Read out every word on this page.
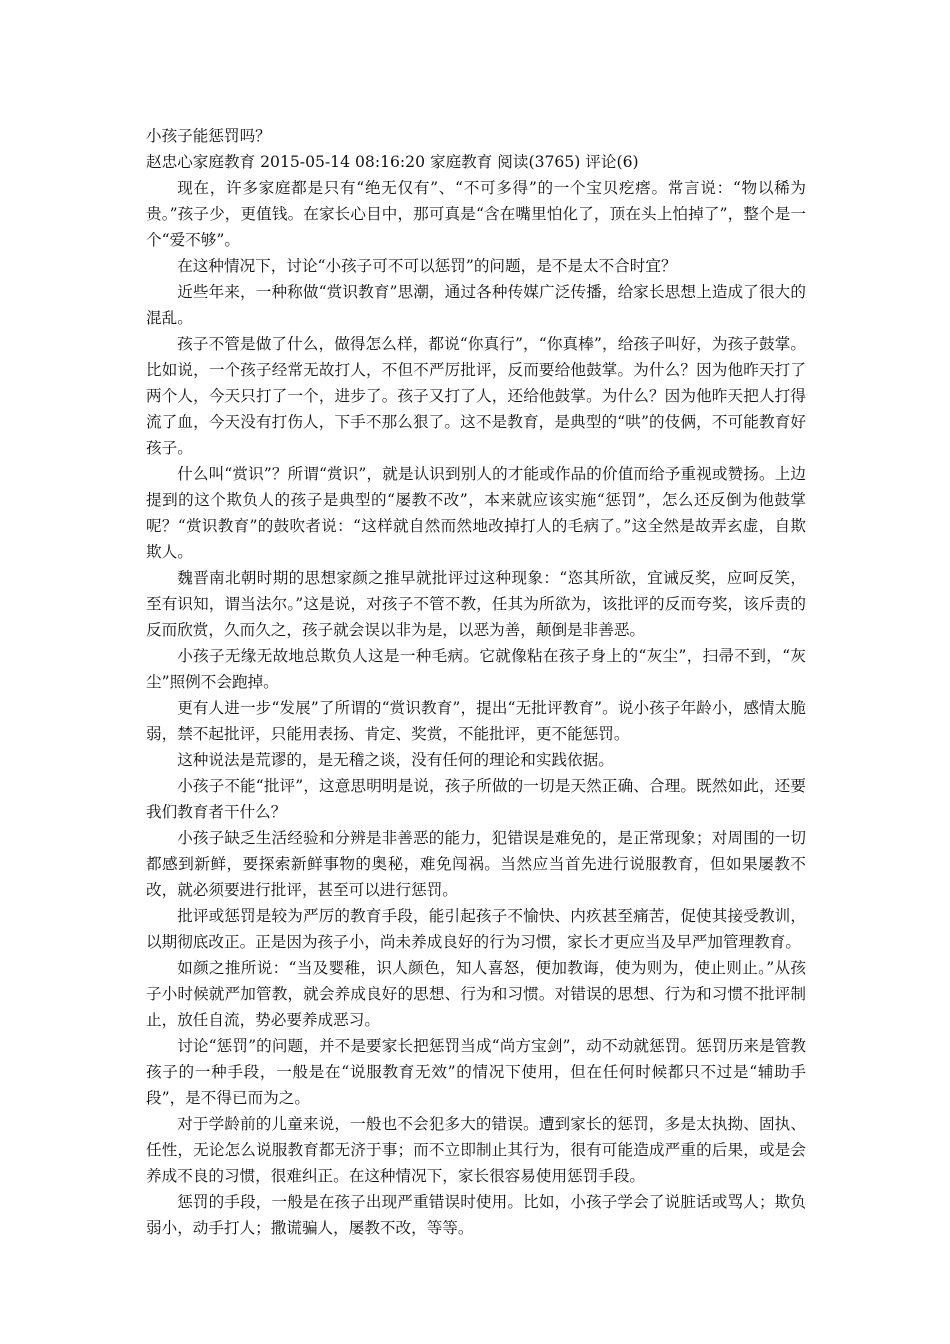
小孩子能惩罚吗？

赵忠心家庭教育 2015-05-14 08:16:20 家庭教育 阅读(3765) 评论(6)

现在，许多家庭都是只有“绝无仅有”、“不可多得”的一个宝贝疙瘩。常言说：“物以稀为贵。”孩子少，更值钱。在家长心目中，那可真是“含在嘴里怕化了，顶在头上怕掉了”，整个是一个“爱不够”。

在这种情况下，讨论“小孩子可不可以惩罚”的问题，是不是太不合时宜？

近些年来，一种称做“赏识教育”思潮，通过各种传媒广泛传播，给家长思想上造成了很大的混乱。

孩子不管是做了什么，做得怎么样，都说“你真行”，“你真棒”，给孩子叫好，为孩子鼓掌。比如说，一个孩子经常无故打人，不但不严厉批评，反而要给他鼓掌。为什么？因为他昨天打了两个人，今天只打了一个，进步了。孩子又打了人，还给他鼓掌。为什么？因为他昨天把人打得流了血，今天没有打伤人，下手不那么狠了。这不是教育，是典型的“哄”的伎俩，不可能教育好孩子。

什么叫“赏识”？所谓“赏识”，就是认识到别人的才能或作品的价值而给予重视或赞扬。上边提到的这个欺负人的孩子是典型的“屡教不改”，本来就应该实施“惩罚”，怎么还反倒为他鼓掌呢？“赏识教育”的鼓吹者说：“这样就自然而然地改掉打人的毛病了。”这全然是故弄玄虚，自欺欺人。

魏晋南北朝时期的思想家颜之推早就批评过这种现象：“恣其所欲，宜诫反奖，应呵反笑，至有识知，谓当法尔。”这是说，对孩子不管不教，任其为所欲为，该批评的反而夸奖，该斥责的反而欣赏，久而久之，孩子就会误以非为是，以恶为善，颠倒是非善恶。

小孩子无缘无故地总欺负人这是一种毛病。它就像粘在孩子身上的“灰尘”，扫帚不到，“灰尘”照例不会跑掉。

更有人进一步“发展”了所谓的“赏识教育”，提出“无批评教育”。说小孩子年龄小，感情太脆弱，禁不起批评，只能用表扬、肯定、奖赏，不能批评，更不能惩罚。

这种说法是荒谬的，是无稽之谈，没有任何的理论和实践依据。

小孩子不能“批评”，这意思明明是说，孩子所做的一切是天然正确、合理。既然如此，还要我们教育者干什么？

小孩子缺乏生活经验和分辨是非善恶的能力，犯错误是难免的，是正常现象；对周围的一切都感到新鲜，要探索新鲜事物的奥秘，难免闯祸。当然应当首先进行说服教育，但如果屡教不改，就必须要进行批评，甚至可以进行惩罚。

批评或惩罚是较为严厉的教育手段，能引起孩子不愉快、内疚甚至痛苦，促使其接受教训，以期彻底改正。正是因为孩子小，尚未养成良好的行为习惯，家长才更应当及早严加管理教育。

如颜之推所说：“当及婴稚，识人颜色，知人喜怒，便加教诲，使为则为，使止则止。”从孩子小时候就严加管教，就会养成良好的思想、行为和习惯。对错误的思想、行为和习惯不批评制止，放任自流，势必要养成恶习。

讨论“惩罚”的问题，并不是要家长把惩罚当成“尚方宝剑”，动不动就惩罚。惩罚历来是管教孩子的一种手段，一般是在“说服教育无效”的情况下使用，但在任何时候都只不过是“辅助手段”，是不得已而为之。

对于学龄前的儿童来说，一般也不会犯多大的错误。遭到家长的惩罚，多是太执拗、固执、任性，无论怎么说服教育都无济于事；而不立即制止其行为，很有可能造成严重的后果，或是会养成不良的习惯，很难纠正。在这种情况下，家长很容易使用惩罚手段。

惩罚的手段，一般是在孩子出现严重错误时使用。比如，小孩子学会了说脏话或骂人；欺负弱小，动手打人；撒谎骗人，屡教不改，等等。
